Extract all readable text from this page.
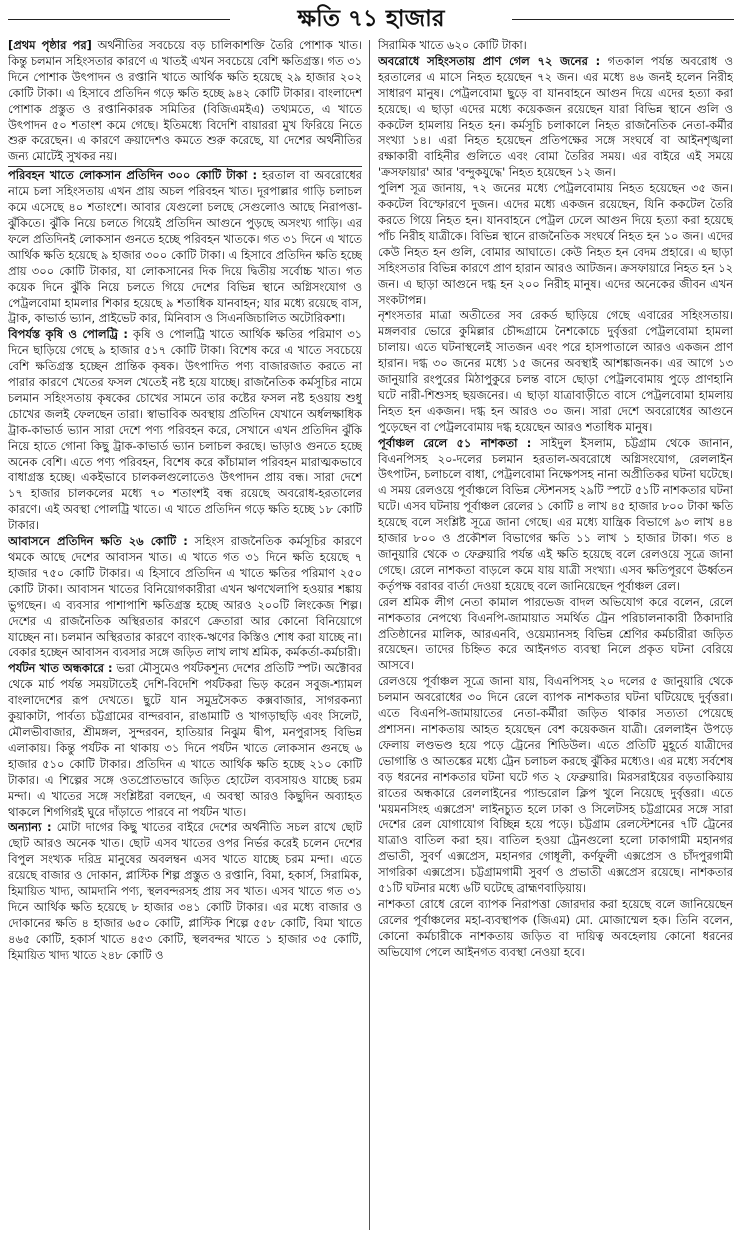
ক্ষতি ৭১ হাজার

[প্রথম পৃষ্ঠার পর] অর্থনীতির সবচেয়ে বড় চালিকাশক্তি তৈরি পোশাক খাত। কিন্তু চলমান সহিংসতার কারণে এ খাতই এখন সবচেয়ে বেশি ক্ষতিগ্রস্ত। গত ৩১ দিনে পোশাক উৎপাদন ও রপ্তানি খাতে আর্থিক ক্ষতি হয়েছে ২৯ হাজার ২০২ কোটি টাকা। এ হিসাবে প্রতিদিন গড়ে ক্ষতি হচ্ছে ৯৪২ কোটি টাকার। বাংলাদেশ পোশাক প্রস্তুত ও রপ্তানিকারক সমিতির (বিজিএমইএ) তথ্যমতে, এ খাতে উৎপাদন ৫০ শতাংশ কমে গেছে। ইতিমধ্যে বিদেশি বায়াররা মুখ ফিরিয়ে নিতে শুরু করেছেন। এ কারণে ক্রয়াদেশও কমতে শুরু করেছে, যা দেশের অর্থনীতির জন্য মোটেই সুখকর নয়।

পরিবহন খাতে লোকসান প্রতিদিন ৩০০ কোটি টাকা : হরতাল বা অবরোধের নামে চলা সহিংসতায় এখন প্রায় অচল পরিবহন খাত। দূরপাল্লার গাড়ি চলাচল কমে এসেছে ৪০ শতাংশে। আবার যেগুলো চলছে সেগুলোও আছে নিরাপত্তা-ঝুঁকিতে। ঝুঁকি নিয়ে চলতে গিয়েই প্রতিদিন আগুনে পুড়ছে অসংখ্য গাড়ি। এর ফলে প্রতিদিনই লোকসান গুনতে হচ্ছে পরিবহন খাতকে। গত ৩১ দিনে এ খাতে আর্থিক ক্ষতি হয়েছে ৯ হাজার ৩০০ কোটি টাকা। এ হিসাবে প্রতিদিন ক্ষতি হচ্ছে প্রায় ৩০০ কোটি টাকার, যা লোকসানের দিক দিয়ে দ্বিতীয় সর্বোচ্চ খাত। গত কয়েক দিনে ঝুঁকি নিয়ে চলতে গিয়ে দেশের বিভিন্ন স্থানে অগ্নিসংযোগ ও পেট্রলবোমা হামলার শিকার হয়েছে ৯ শতাধিক যানবাহন; যার মধ্যে রয়েছে বাস, ট্রাক, কাভার্ড ভ্যান, প্রাইভেট কার, মিনিবাস ও সিএনজিচালিত অটোরিকশা।

বিপর্যস্ত কৃষি ও পোলট্রি : কৃষি ও পোলট্রি খাতে আর্থিক ক্ষতির পরিমাণ ৩১ দিনে ছাড়িয়ে গেছে ৯ হাজার ৫১৭ কোটি টাকা। বিশেষ করে এ খাতে সবচেয়ে বেশি ক্ষতিগ্রস্ত হচ্ছেন প্রান্তিক কৃষক। উৎপাদিত পণ্য বাজারজাত করতে না পারার কারণে খেতের ফসল খেতেই নষ্ট হয়ে যাচ্ছে। রাজনৈতিক কর্মসূচির নামে চলমান সহিংসতায় কৃষকের চোখের সামনে তার কষ্টের ফসল নষ্ট হওয়ায় শুধু চোখের জলই ফেলছেন তারা। স্বাভাবিক অবস্থায় প্রতিদিন যেখানে অর্ধলক্ষাধিক ট্রাক-কাভার্ড ভ্যান সারা দেশে পণ্য পরিবহন করে, সেখানে এখন প্রতিদিন ঝুঁকি নিয়ে হাতে গোনা কিছু ট্রাক-কাভার্ড ভ্যান চলাচল করছে। ভাড়াও গুনতে হচ্ছে অনেক বেশি। এতে পণ্য পরিবহন, বিশেষ করে কাঁচামাল পরিবহন মারাত্মকভাবে বাধাগ্রস্ত হচ্ছে। একইভাবে চালকলগুলোতেও উৎপাদন প্রায় বন্ধ। সারা দেশে ১৭ হাজার চালকলের মধ্যে ৭০ শতাংশই বন্ধ রয়েছে অবরোধ-হরতালের কারণে। এই অবস্থা পোলট্রি খাতে। এ খাতে প্রতিদিন গড়ে ক্ষতি হচ্ছে ১৮ কোটি টাকার।

আবাসনে প্রতিদিন ক্ষতি ২৬ কোটি : সহিংস রাজনৈতিক কর্মসূচির কারণে থমকে আছে দেশের আবাসন খাত। এ খাতে গত ৩১ দিনে ক্ষতি হয়েছে ৭ হাজার ৭৫০ কোটি টাকার। এ হিসাবে প্রতিদিন এ খাতে ক্ষতির পরিমাণ ২৫০ কোটি টাকা। আবাসন খাতের বিনিয়োগকারীরা এখন ঋণখেলাপি হওয়ার শঙ্কায় ভুগছেন। এ ব্যবসার পাশাপাশি ক্ষতিগ্রস্ত হচ্ছে আরও ২০০টি লিংকেজ শিল্প। দেশের এ রাজনৈতিক অস্থিরতার কারণে ক্রেতারা আর কোনো বিনিয়োগে যাচ্ছেন না। চলমান অস্থিরতার কারণে ব্যাংক-ঋণের কিস্তিও শোধ করা যাচ্ছে না। বেকার হচ্ছেন আবাসন ব্যবসার সঙ্গে জড়িত লাখ লাখ শ্রমিক, কর্মকর্তা-কর্মচারী।

পর্যটন খাত অন্ধকারে : ভরা মৌসুমেও পর্যটকশূন্য দেশের প্রতিটি স্পট। অক্টোবর থেকে মার্চ পর্যন্ত সময়টাতেই দেশি-বিদেশি পর্যটকরা ভিড় করেন সবুজ-শ্যামল বাংলাদেশের রূপ দেখতে। ছুটে যান সমুদ্রসৈকত কক্সবাজার, সাগরকন্যা কুয়াকাটা, পার্বত্য চট্টগ্রামের বান্দরবান, রাঙামাটি ও খাগড়াছড়ি এবং সিলেট, মৌলভীবাজার, শ্রীমঙ্গল, সুন্দরবন, হাতিয়ার নিঝুম দ্বীপ, মনপুরাসহ বিভিন্ন এলাকায়। কিন্তু পর্যটক না থাকায় ৩১ দিনে পর্যটন খাতে লোকসান গুনছে ৬ হাজার ৫১০ কোটি টাকার। প্রতিদিন এ খাতে আর্থিক ক্ষতি হচ্ছে ২১০ কোটি টাকার। এ শিল্পের সঙ্গে ওতপ্রোতভাবে জড়িত হোটেল ব্যবসায়ও যাচ্ছে চরম মন্দা। এ খাতের সঙ্গে সংশ্লিষ্টরা বলছেন, এ অবস্থা আরও কিছুদিন অব্যাহত থাকলে শিগগিরই ঘুরে দাঁড়াতে পারবে না পর্যটন খাত।

অন্যান্য : মোটা দাগের কিছু খাতের বাইরে দেশের অর্থনীতি সচল রাখে ছোট ছোট আরও অনেক খাত। ছোট এসব খাতের ওপর নির্ভর করেই চলেন দেশের বিপুল সংখ্যক দরিদ্র মানুষের অবলম্বন এসব খাতে যাচ্ছে চরম মন্দা। এতে রয়েছে বাজার ও দোকান, প্লাস্টিক শিল্প প্রস্তুত ও রপ্তানি, বিমা, হকার্স, সিরামিক, হিমায়িত খাদ্য, আমদানি পণ্য, স্থলবন্দরসহ প্রায় সব খাত। এসব খাতে গত ৩১ দিনে আর্থিক ক্ষতি হয়েছে ৮ হাজার ৩৪১ কোটি টাকার। এর মধ্যে বাজার ও দোকানের ক্ষতি ৪ হাজার ৬৫০ কোটি, প্লাস্টিক শিল্পে ৫৫৮ কোটি, বিমা খাতে ৪৬৫ কোটি, হকার্স খাতে ৪৫৩ কোটি, স্থলবন্দর খাতে ১ হাজার ৩৫ কোটি, হিমায়িত খাদ্য খাতে ২৪৮ কোটি ও

সিরামিক খাতে ৬২০ কোটি টাকা।

অবরোধে সহিংসতায় প্রাণ গেল ৭২ জনের : গতকাল পর্যন্ত অবরোধ ও হরতালের এ মাসে নিহত হয়েছেন ৭২ জন। এর মধ্যে ৪৬ জনই হলেন নিরীহ সাধারণ মানুষ। পেট্রলবোমা ছুড়ে বা যানবাহনে আগুন দিয়ে এদের হত্যা করা হয়েছে। এ ছাড়া এদের মধ্যে কয়েকজন রয়েছেন যারা বিভিন্ন স্থানে গুলি ও ককটেল হামলায় নিহত হন। কর্মসূচি চলাকালে নিহত রাজনৈতিক নেতা-কর্মীর সংখ্যা ১৪। এরা নিহত হয়েছেন প্রতিপক্ষের সঙ্গে সংঘর্ষে বা আইনশৃঙ্খলা রক্ষাকারী বাহিনীর গুলিতে এবং বোমা তৈরির সময়। এর বাইরে এই সময়ে 'ক্রসফায়ার' আর 'বন্দুকযুদ্ধে' নিহত হয়েছেন ১২ জন।

পুলিশ সূত্র জানায়, ৭২ জনের মধ্যে পেট্রলবোমায় নিহত হয়েছেন ৩৫ জন। ককটেল বিস্ফোরণে দুজন। এদের মধ্যে একজন রয়েছেন, যিনি ককটেল তৈরি করতে গিয়ে নিহত হন। যানবাহনে পেট্রল ঢেলে আগুন দিয়ে হত্যা করা হয়েছে পাঁচ নিরীহ যাত্রীকে। বিভিন্ন স্থানে রাজনৈতিক সংঘর্ষে নিহত হন ১০ জন। এদের কেউ নিহত হন গুলি, বোমার আঘাতে। কেউ নিহত হন বেদম প্রহারে। এ ছাড়া সহিংসতার বিভিন্ন কারণে প্রাণ হারান আরও আটজন। ক্রসফায়ারে নিহত হন ১২ জন। এ ছাড়া আগুনে দগ্ধ হন ২০০ নিরীহ মানুষ। এদের অনেকের জীবন এখন সংকটাপন্ন।

নৃশংসতার মাত্রা অতীতের সব রেকর্ড ছাড়িয়ে গেছে এবারের সহিংসতায়। মঙ্গলবার ভোরে কুমিল্লার চৌদ্দগ্রামে নৈশকোচে দুর্বৃত্তরা পেট্রলবোমা হামলা চালায়। এতে ঘটনাস্থলেই সাতজন এবং পরে হাসপাতালে আরও একজন প্রাণ হারান। দগ্ধ ৩০ জনের মধ্যে ১৫ জনের অবস্থাই আশঙ্কাজনক। এর আগে ১৩ জানুয়ারি রংপুরের মিঠাপুকুরে চলন্ত বাসে ছোড়া পেট্রলবোমায় পুড়ে প্রাণহানি ঘটে নারী-শিশুসহ ছয়জনের। এ ছাড়া যাত্রাবাড়ীতে বাসে পেট্রলবোমা হামলায় নিহত হন একজন। দগ্ধ হন আরও ৩০ জন। সারা দেশে অবরোধের আগুনে পুড়েছেন বা পেট্রলবোমায় দগ্ধ হয়েছেন আরও শতাধিক মানুষ।

পূর্বাঞ্চল রেলে ৫১ নাশকতা : সাইদুল ইসলাম, চট্টগ্রাম থেকে জানান, বিএনপিসহ ২০-দলের চলমান হরতাল-অবরোধে অগ্নিসংযোগ, রেললাইন উৎপাটন, চলাচলে বাধা, পেট্রলবোমা নিক্ষেপসহ নানা অপ্রীতিকর ঘটনা ঘটেছে। এ সময় রেলওয়ে পূর্বাঞ্চলে বিভিন্ন স্টেশনসহ ২৯টি স্পটে ৫১টি নাশকতার ঘটনা ঘটে। এসব ঘটনায় পূর্বাঞ্চল রেলের ১ কোটি ৪ লাখ ৪৫ হাজার ৮০০ টাকা ক্ষতি হয়েছে বলে সংশ্লিষ্ট সূত্রে জানা গেছে। এর মধ্যে যান্ত্রিক বিভাগে ৯৩ লাখ ৪৪ হাজার ৮০০ ও প্রকৌশল বিভাগের ক্ষতি ১১ লাখ ১ হাজার টাকা। গত ৪ জানুয়ারি থেকে ৩ ফেব্রুয়ারি পর্যন্ত এই ক্ষতি হয়েছে বলে রেলওয়ে সূত্রে জানা গেছে। রেলে নাশকতা বাড়লে কমে যায় যাত্রী সংখ্যা। এসব ক্ষতিপূরণে ঊর্ধ্বতন কর্তৃপক্ষ বরাবর বার্তা দেওয়া হয়েছে বলে জানিয়েছেন পূর্বাঞ্চল রেল।

রেল শ্রমিক লীগ নেতা কামাল পারভেজ বাদল অভিযোগ করে বলেন, রেলে নাশকতার নেপথ্যে বিএনপি-জামায়াত সমর্থিত ট্রেন পরিচালনাকারী ঠিকাদারি প্রতিষ্ঠানের মালিক, আরএনবি, ওয়েম্যানসহ বিভিন্ন শ্রেণির কর্মচারীরা জড়িত রয়েছেন। তাদের চিহ্নিত করে আইনগত ব্যবস্থা নিলে প্রকৃত ঘটনা বেরিয়ে আসবে।

রেলওয়ে পূর্বাঞ্চল সূত্রে জানা যায়, বিএনপিসহ ২০ দলের ৫ জানুয়ারি থেকে চলমান অবরোধের ৩০ দিনে রেলে ব্যাপক নাশকতার ঘটনা ঘটিয়েছে দুর্বৃত্তরা। এতে বিএনপি-জামায়াতের নেতা-কর্মীরা জড়িত থাকার সত্যতা পেয়েছে প্রশাসন। নাশকতায় আহত হয়েছেন বেশ কয়েকজন যাত্রী। রেললাইন উপড়ে ফেলায় লণ্ডভণ্ড হয়ে পড়ে ট্রেনের শিডিউল। এতে প্রতিটি মুহূর্তে যাত্রীদের ভোগান্তি ও আতঙ্কের মধ্যে ট্রেন চলাচল করছে ঝুঁকির মধ্যেও। এর মধ্যে সর্বশেষ বড় ধরনের নাশকতার ঘটনা ঘটে গত ২ ফেব্রুয়ারি। মিরসরাইয়ের বড়তাকিয়ায় রাতের অন্ধকারে রেললাইনের প্যান্ডরোল ক্লিপ খুলে নিয়েছে দুর্বৃত্তরা। এতে 'ময়মনসিংহ এক্সপ্রেস' লাইনচ্যুত হলে ঢাকা ও সিলেটসহ চট্টগ্রামের সঙ্গে সারা দেশের রেল যোগাযোগ বিচ্ছিন্ন হয়ে পড়ে। চট্টগ্রাম রেলস্টেশনের ৭টি ট্রেনের যাত্রাও বাতিল করা হয়। বাতিল হওয়া ট্রেনগুলো হলো ঢাকাগামী মহানগর প্রভাতী, সুবর্ণ এক্সপ্রেস, মহানগর গোধূলী, কর্ণফুলী এক্সপ্রেস ও চাঁদপুরগামী সাগরিকা এক্সপ্রেস। চট্টগ্রামগামী সুবর্ণ ও প্রভাতী এক্সপ্রেস রয়েছে। নাশকতার ৫১টি ঘটনার মধ্যে ৬টি ঘটেছে ব্রাহ্মণবাড়িয়ায়।

নাশকতা রোধে রেলে ব্যাপক নিরাপত্তা জোরদার করা হয়েছে বলে জানিয়েছেন রেলের পূর্বাঞ্চলের মহা-ব্যবস্থাপক (জিএম) মো. মোজাম্মেল হক। তিনি বলেন, কোনো কর্মচারীকে নাশকতায় জড়িত বা দায়িত্ব অবহেলায় কোনো ধরনের অভিযোগ পেলে আইনগত ব্যবস্থা নেওয়া হবে।
